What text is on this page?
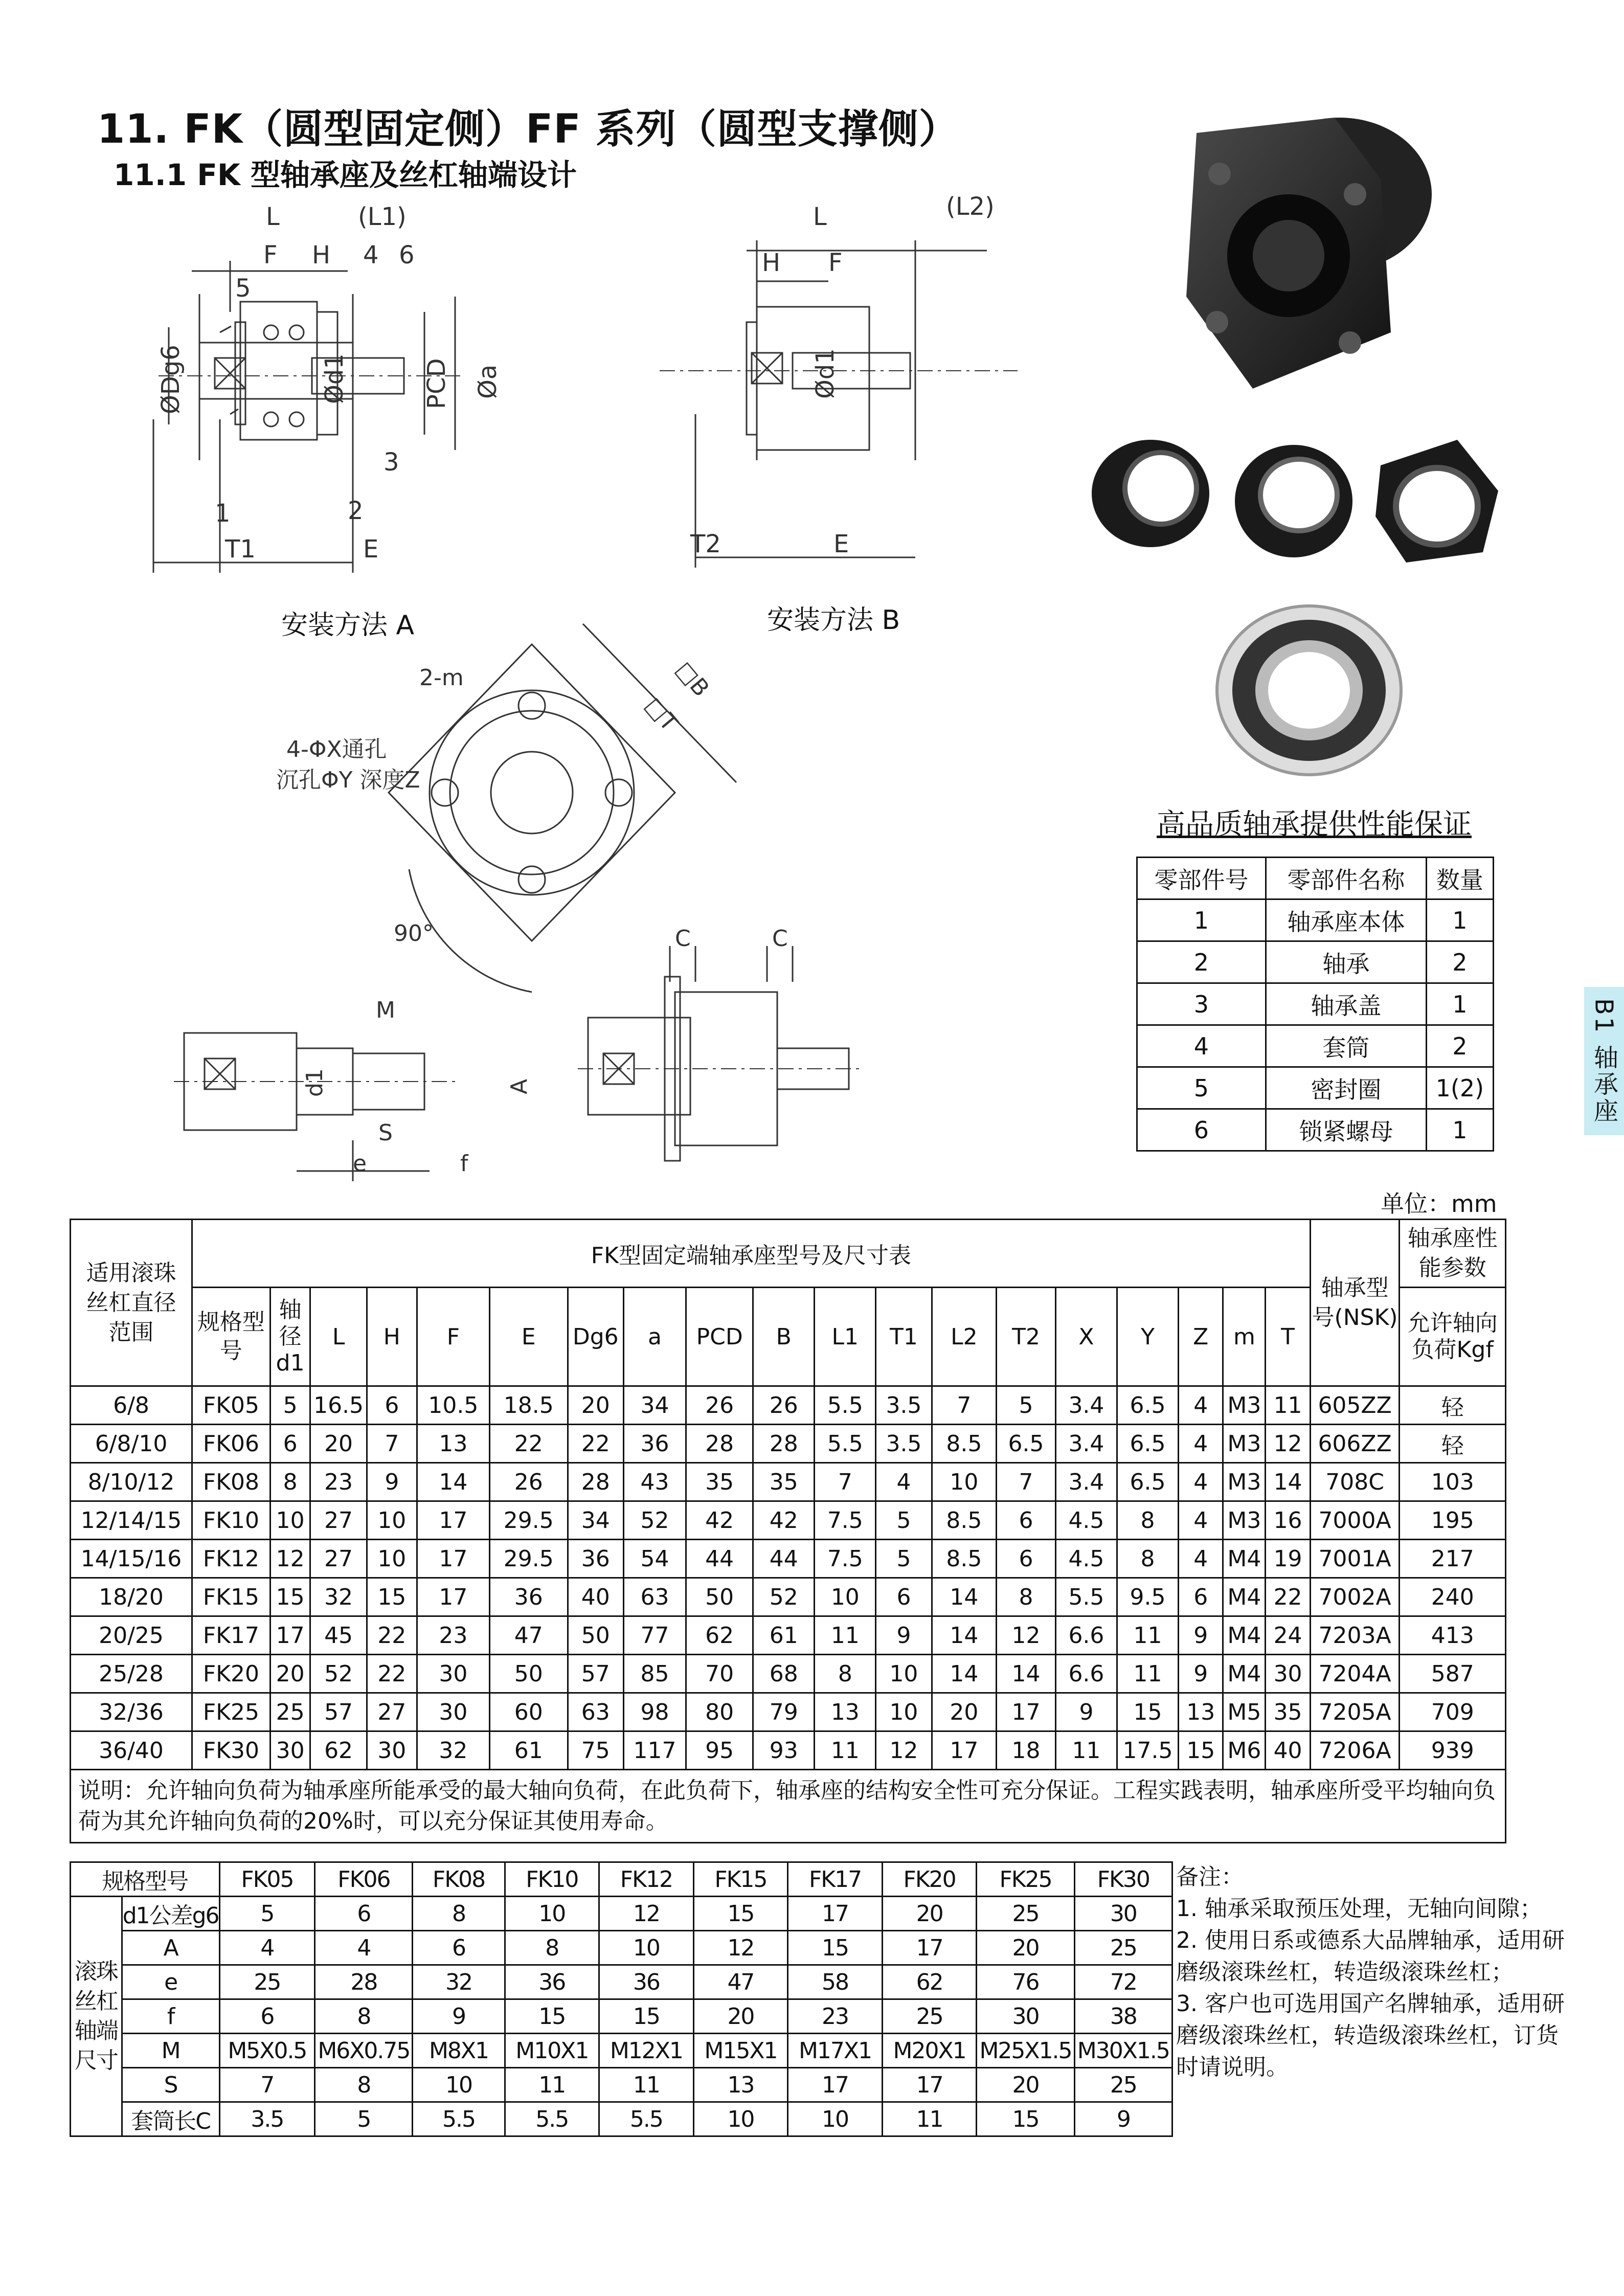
11. FK（圆型固定侧）FF 系列（圆型支撑侧）
11.1 FK 型轴承座及丝杠轴端设计
B1 轴承座
L	(L1)
F H 4 6
5
3
1	2
ØDg6	Ød1	PCD Øa
T1	E
安装方法 A
L	(L2)
H F
Ød1
T2	E
安装方法 B
2-m
4-ΦX通孔
沉孔ΦY 深度Z
90°
□B
□T
M
d1	A
S
e	f
C	C
高品质轴承提供性能保证
零部件号	零部件名称	数量
1	轴承座本体	1
2	轴承	2
3	轴承盖	1
4	套筒	2
5	密封圈	1(2)
6	锁紧螺母	1
单位：mm
适用滚珠丝杠直径范围	FK型固定端轴承座型号及尺寸表																			轴承型号(NSK)	轴承座性能参数
	规格型号	轴径d1	L	H	F	E	Dg6	a	PCD	B	L1	T1	L2	T2	X	Y	Z	m	T		允许轴向负荷Kgf
6/8	FK05	5	16.5	6	10.5	18.5	20	34	26	26	5.5	3.5	7	5	3.4	6.5	4	M3	11	605ZZ	轻
6/8/10	FK06	6	20	7	13	22	22	36	28	28	5.5	3.5	8.5	6.5	3.4	6.5	4	M3	12	606ZZ	轻
8/10/12	FK08	8	23	9	14	26	28	43	35	35	7	4	10	7	3.4	6.5	4	M3	14	708C	103
12/14/15	FK10	10	27	10	17	29.5	34	52	42	42	7.5	5	8.5	6	4.5	8	4	M3	16	7000A	195
14/15/16	FK12	12	27	10	17	29.5	36	54	44	44	7.5	5	8.5	6	4.5	8	4	M4	19	7001A	217
18/20	FK15	15	32	15	17	36	40	63	50	52	10	6	14	8	5.5	9.5	6	M4	22	7002A	240
20/25	FK17	17	45	22	23	47	50	77	62	61	11	9	14	12	6.6	11	9	M4	24	7203A	413
25/28	FK20	20	52	22	30	50	57	85	70	68	8	10	14	14	6.6	11	9	M4	30	7204A	587
32/36	FK25	25	57	27	30	60	63	98	80	79	13	10	20	17	9	15	13	M5	35	7205A	709
36/40	FK30	30	62	30	32	61	75	117	95	93	11	12	17	18	11	17.5	15	M6	40	7206A	939
说明：允许轴向负荷为轴承座所能承受的最大轴向负荷，在此负荷下，轴承座的结构安全性可充分保证。工程实践表明，轴承座所受平均轴向负荷为其允许轴向负荷的20%时，可以充分保证其使用寿命。																					
规格型号		FK05	FK06	FK08	FK10	FK12	FK15	FK17	FK20	FK25	FK30
滚珠丝杠轴端尺寸	d1公差g6	5	6	8	10	12	15	17	20	25	30
	A	4	4	6	8	10	12	15	17	20	25
	e	25	28	32	36	36	47	58	62	76	72
	f	6	8	9	15	15	20	23	25	30	38
	M	M5X0.5	M6X0.75	M8X1	M10X1	M12X1	M15X1	M17X1	M20X1	M25X1.5	M30X1.5
	S	7	8	10	11	11	13	17	17	20	25
	套筒长C	3.5	5	5.5	5.5	5.5	10	10	11	15	9
备注：
1. 轴承采取预压处理，无轴向间隙；
2. 使用日系或德系大品牌轴承，适用研磨级滚珠丝杠，转造级滚珠丝杠；
3. 客户也可选用国产名牌轴承，适用研磨级滚珠丝杠，转造级滚珠丝杠，订货时请说明。
